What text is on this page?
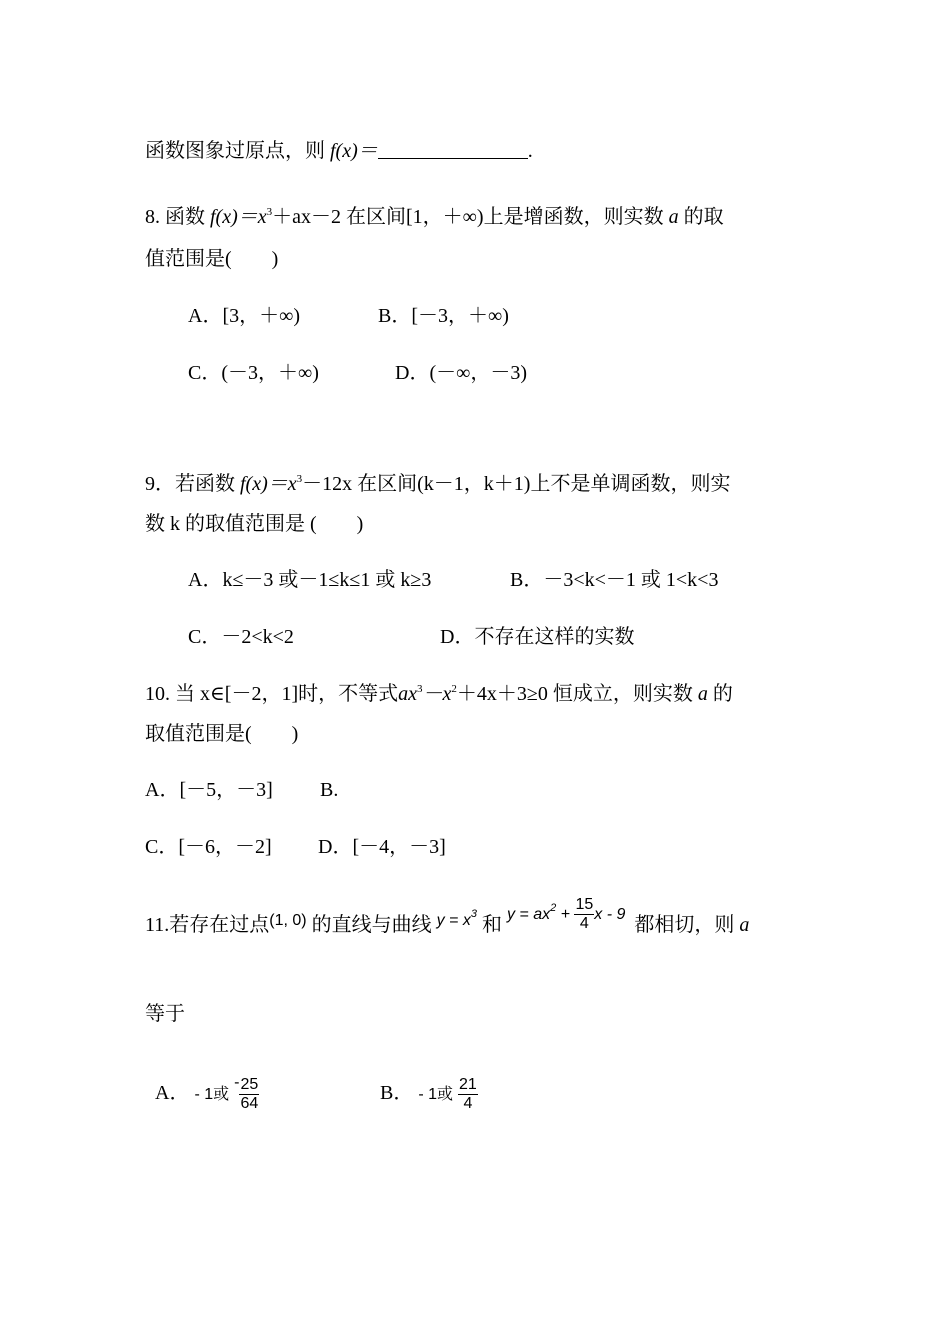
函数图象过原点，则 f(x)＝	.
8. 函数 $f(x)=x^3+ax-2$ 在区间[1，＋∞)上是增函数，则实数 a 的取
值范围是(　　)
A．[3，＋∞)	B．[－3，＋∞)
C．(－3，＋∞)	D．(－∞，－3)
9．若函数 $f(x)=x^3-12x$ 在区间(k－1，k＋1)上不是单调函数，则实
数 k 的取值范围是 (　　)
A．k≤－3 或－1≤k≤1 或 k≥3	B．－3<k<－1 或 1<k<3
C．－2<k<2	D．不存在这样的实数
10. 当 x∈[－2，1]时，不等式$ax^3-x^2+4x+3\ge 0$ 恒成立，则实数 a 的
取值范围是(　　)
A．[－5，－3] B.
C．[－6，－2] D．[－4，－3]
11.若存在过点$^{(1, 0)}$ 的直线与曲线 $^{y = x^3}$ 和 $^{y = ax^2 + \frac{15}{4} x - 9}$ 都相切，则 a
等于
A． - 1或 $^- \frac{25}{64}$	B． - 1或 $\frac{21}{4}$
